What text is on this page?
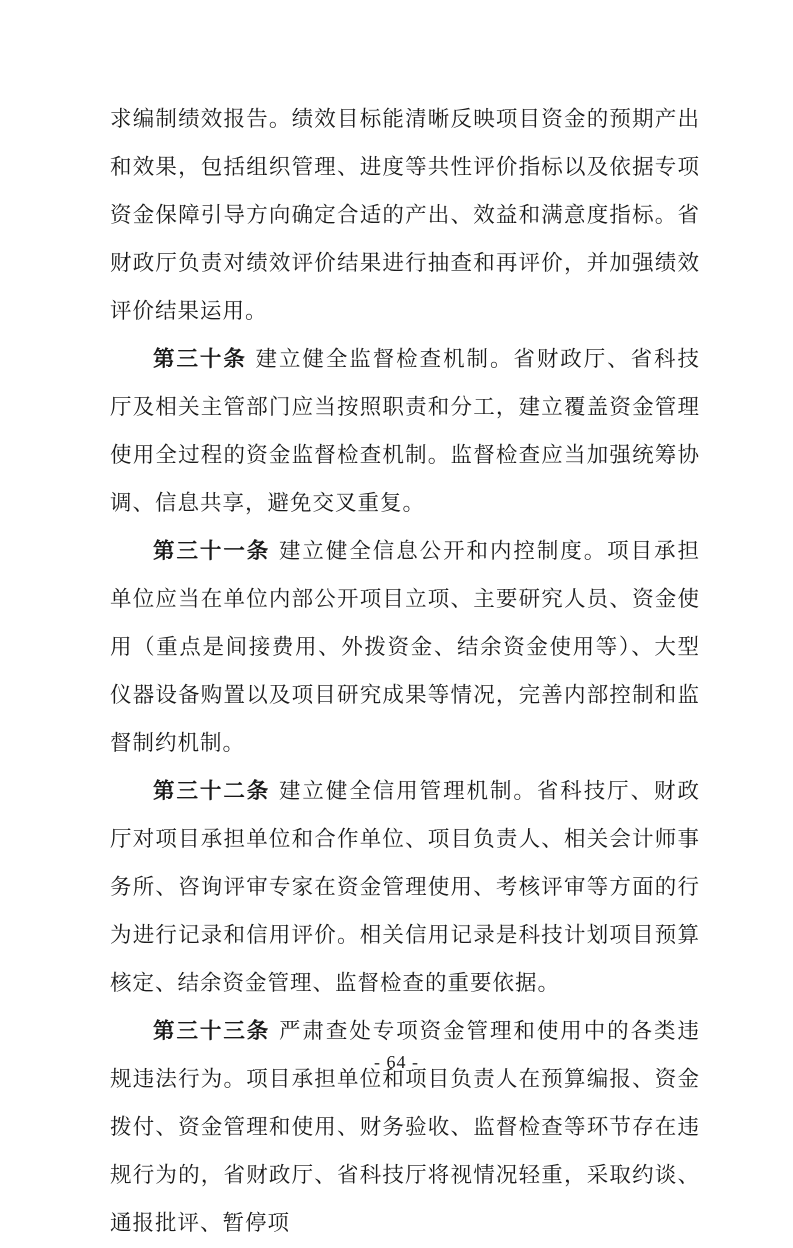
求编制绩效报告。绩效目标能清晰反映项目资金的预期产出和效果，包括组织管理、进度等共性评价指标以及依据专项资金保障引导方向确定合适的产出、效益和满意度指标。省财政厅负责对绩效评价结果进行抽查和再评价，并加强绩效评价结果运用。

第三十条 建立健全监督检查机制。省财政厅、省科技厅及相关主管部门应当按照职责和分工，建立覆盖资金管理使用全过程的资金监督检查机制。监督检查应当加强统筹协调、信息共享，避免交叉重复。

第三十一条 建立健全信息公开和内控制度。项目承担单位应当在单位内部公开项目立项、主要研究人员、资金使用（重点是间接费用、外拨资金、结余资金使用等）、大型仪器设备购置以及项目研究成果等情况，完善内部控制和监督制约机制。

第三十二条 建立健全信用管理机制。省科技厅、财政厅对项目承担单位和合作单位、项目负责人、相关会计师事务所、咨询评审专家在资金管理使用、考核评审等方面的行为进行记录和信用评价。相关信用记录是科技计划项目预算核定、结余资金管理、监督检查的重要依据。

第三十三条 严肃查处专项资金管理和使用中的各类违规违法行为。项目承担单位和项目负责人在预算编报、资金拨付、资金管理和使用、财务验收、监督检查等环节存在违规行为的，省财政厅、省科技厅将视情况轻重，采取约谈、通报批评、暂停项

- 64 -
